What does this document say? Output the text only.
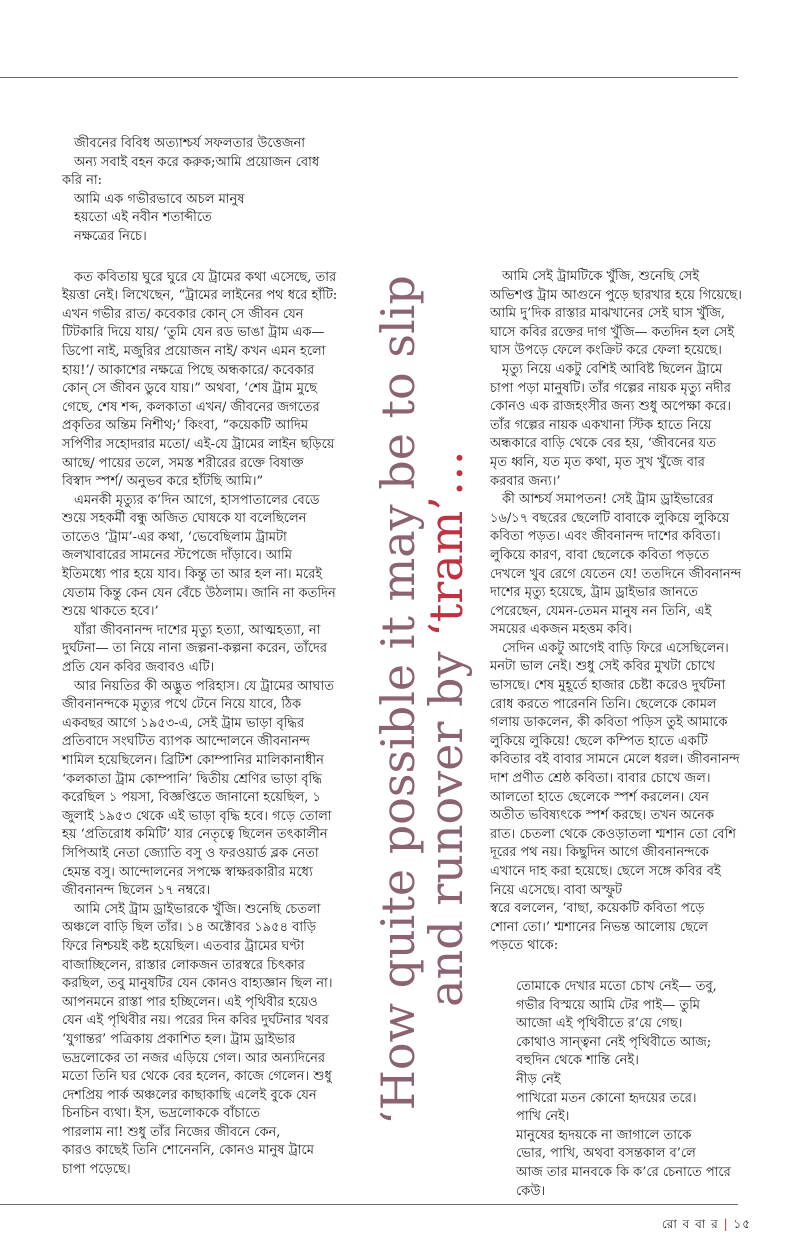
জীবনের বিবিধ অত্যাশ্চর্য সফলতার উত্তেজনা

অন্য সবাই বহন করে করুক;আমি প্রয়োজন বোধ

করি না:

আমি এক গভীরভাবে অচল মানুষ

হয়তো এই নবীন শতাব্দীতে

নক্ষত্রের নিচে।

কত কবিতায় ঘুরে ঘুরে যে ট্রামের কথা এসেছে, তার

ইয়ত্তা নেই। লিখেছেন, “ট্রামের লাইনের পথ ধরে হাঁটি:

এখন গভীর রাত/ কবেকার কোন্ সে জীবন যেন

টিটকারি দিয়ে যায়/ ‘তুমি যেন রড ভাঙা ট্রাম এক—

ডিপো নাই, মজুরির প্রয়োজন নাই/ কখন এমন হলো

হায়!’/ আকাশের নক্ষত্রে পিছে অন্ধকারে/ কবেকার

কোন্ সে জীবন ডুবে যায়।” অথবা, ‘শেষ ট্রাম মুছে

গেছে, শেষ শব্দ, কলকাতা এখন/ জীবনের জগতের

প্রকৃতির অন্তিম নিশীথ;’ কিংবা, “কয়েকটি আদিম

সর্পিণীর সহোদরার মতো/ এই-যে ট্রামের লাইন ছড়িয়ে

আছে/ পায়ের তলে, সমস্ত শরীরের রক্তে বিষাক্ত

বিস্বাদ স্পর্শ/ অনুভব করে হাঁটছি আমি।”

এমনকী মৃত্যুর ক’দিন আগে, হাসপাতালের বেডে

শুয়ে সহকর্মী বন্ধু অজিত ঘোষকে যা বলেছিলেন

তাতেও ‘ট্রাম’-এর কথা, ‘ভেবেছিলাম ট্রামটা

জলখাবারের সামনের স্টপেজে দাঁড়াবে। আমি

ইতিমধ্যে পার হয়ে যাব। কিন্তু তা আর হল না। মরেই

যেতাম কিন্তু কেন যেন বেঁচে উঠলাম। জানি না কতদিন

শুয়ে থাকতে হবে।’

যাঁরা জীবনানন্দ দাশের মৃত্যু হত্যা, আত্মহত্যা, না

দুর্ঘটনা— তা নিয়ে নানা জল্পনা-কল্পনা করেন, তাঁদের

প্রতি যেন কবির জবাবও এটি।

আর নিয়তির কী অদ্ভুত পরিহাস। যে ট্রামের আঘাত

জীবনানন্দকে মৃত্যুর পথে টেনে নিয়ে যাবে, ঠিক

একবছর আগে ১৯৫৩-এ, সেই ট্রাম ভাড়া বৃদ্ধির

প্রতিবাদে সংঘটিত ব্যাপক আন্দোলনে জীবনানন্দ

শামিল হয়েছিলেন। ব্রিটিশ কোম্পানির মালিকানাধীন

‘কলকাতা ট্রাম কোম্পানি’ দ্বিতীয় শ্রেণির ভাড়া বৃদ্ধি

করেছিল ১ পয়সা, বিজ্ঞপ্তিতে জানানো হয়েছিল, ১

জুলাই ১৯৫৩ থেকে এই ভাড়া বৃদ্ধি হবে। গড়ে তোলা

হয় ‘প্রতিরোধ কমিটি’ যার নেতৃত্বে ছিলেন তৎকালীন

সিপিআই নেতা জ্যোতি বসু ও ফরওয়ার্ড ব্লক নেতা

হেমন্ত বসু। আন্দোলনের সপক্ষে স্বাক্ষরকারীর মধ্যে

জীবনানন্দ ছিলেন ১৭ নম্বরে।

আমি সেই ট্রাম ড্রাইভারকে খুঁজি। শুনেছি চেতলা

অঞ্চলে বাড়ি ছিল তাঁর। ১৪ অক্টোবর ১৯৫৪ বাড়ি

ফিরে নিশ্চয়ই কষ্ট হয়েছিল। এতবার ট্রামের ঘণ্টা

বাজাচ্ছিলেন, রাস্তার লোকজন তারস্বরে চিৎকার

করছিল, তবু মানুষটির যেন কোনও বাহ্যজ্ঞান ছিল না।

আপনমনে রাস্তা পার হচ্ছিলেন। এই পৃথিবীর হয়েও

যেন এই পৃথিবীর নয়। পরের দিন কবির দুর্ঘটনার খবর

‘যুগান্তর’ পত্রিকায় প্রকাশিত হল। ট্রাম ড্রাইভার

ভদ্রলোকের তা নজর এড়িয়ে গেল। আর অন্যদিনের

মতো তিনি ঘর থেকে বের হলেন, কাজে গেলেন। শুধু

দেশপ্রিয় পার্ক অঞ্চলের কাছাকাছি এলেই বুকে যেন

চিনচিন ব্যথা। ইস, ভদ্রলোককে বাঁচাতে

পারলাম না! শুধু তাঁর নিজের জীবনে কেন,

কারও কাছেই তিনি শোনেননি, কোনও মানুষ ট্রামে

চাপা পড়েছে।

‘How quite possible it may be to slip
and runover by ‘tram’…

আমি সেই ট্রামটিকে খুঁজি, শুনেছি সেই

অভিশপ্ত ট্রাম আগুনে পুড়ে ছারখার হয়ে গিয়েছে।

আমি দু’দিক রাস্তার মাঝখানের সেই ঘাস খুঁজি,

ঘাসে কবির রক্তের দাগ খুঁজি— কতদিন হল সেই

ঘাস উপড়ে ফেলে কংক্রিট করে ফেলা হয়েছে।

মৃত্যু নিয়ে একটু বেশিই আবিষ্ট ছিলেন ট্রামে

চাপা পড়া মানুষটি। তাঁর গল্পের নায়ক মৃত্যু নদীর

কোনও এক রাজহংসীর জন্য শুধু অপেক্ষা করে।

তাঁর গল্পের নায়ক একখানা স্টিক হাতে নিয়ে

অন্ধকারে বাড়ি থেকে বের হয়, ‘জীবনের যত

মৃত ধ্বনি, যত মৃত কথা, মৃত সুখ খুঁজে বার

করবার জন্য।’

কী আশ্চর্য সমাপতন! সেই ট্রাম ড্রাইভারের

১৬/১৭ বছরের ছেলেটি বাবাকে লুকিয়ে লুকিয়ে

কবিতা পড়ত। এবং জীবনানন্দ দাশের কবিতা।

লুকিয়ে কারণ, বাবা ছেলেকে কবিতা পড়তে

দেখলে খুব রেগে যেতেন যে! ততদিনে জীবনানন্দ

দাশের মৃত্যু হয়েছে, ট্রাম ড্রাইভার জানতে

পেরেছেন, যেমন-তেমন মানুষ নন তিনি, এই

সময়ের একজন মহত্তম কবি।

সেদিন একটু আগেই বাড়ি ফিরে এসেছিলেন।

মনটা ভাল নেই। শুধু সেই কবির মুখটা চোখে

ভাসছে। শেষ মুহূর্তে হাজার চেষ্টা করেও দুর্ঘটনা

রোধ করতে পারেননি তিনি। ছেলেকে কোমল

গলায় ডাকলেন, কী কবিতা পড়িস তুই আমাকে

লুকিয়ে লুকিয়ে! ছেলে কম্পিত হাতে একটি

কবিতার বই বাবার সামনে মেলে ধরল। জীবনানন্দ

দাশ প্রণীত শ্রেষ্ঠ কবিতা। বাবার চোখে জল।

আলতো হাতে ছেলেকে স্পর্শ করলেন। যেন

অতীত ভবিষ্যৎকে স্পর্শ করছে। তখন অনেক

রাত। চেতলা থেকে কেওড়াতলা শ্মশান তো বেশি

দূরের পথ নয়। কিছুদিন আগে জীবনানন্দকে

এখানে দাহ করা হয়েছে। ছেলে সঙ্গে কবির বই

নিয়ে এসেছে। বাবা অস্ফুট

স্বরে বললেন, ‘বাছা, কয়েকটি কবিতা পড়ে

শোনা তো।’ শ্মশানের নিভন্ত আলোয় ছেলে

পড়তে থাকে:

তোমাকে দেখার মতো চোখ নেই— তবু,

গভীর বিস্ময়ে আমি টের পাই— তুমি

আজো এই পৃথিবীতে র’য়ে গেছ।

কোথাও সান্ত্বনা নেই পৃথিবীতে আজ;

বহুদিন থেকে শান্তি নেই।

নীড় নেই

পাখিরো মতন কোনো হৃদয়ের তরে।

পাখি নেই।

মানুষের হৃদয়কে না জাগালে তাকে

ভোর, পাখি, অথবা বসন্তকাল ব’লে

আজ তার মানবকে কি ক’রে চেনাতে পারে কেউ।

রো ব বা র | ১৫
